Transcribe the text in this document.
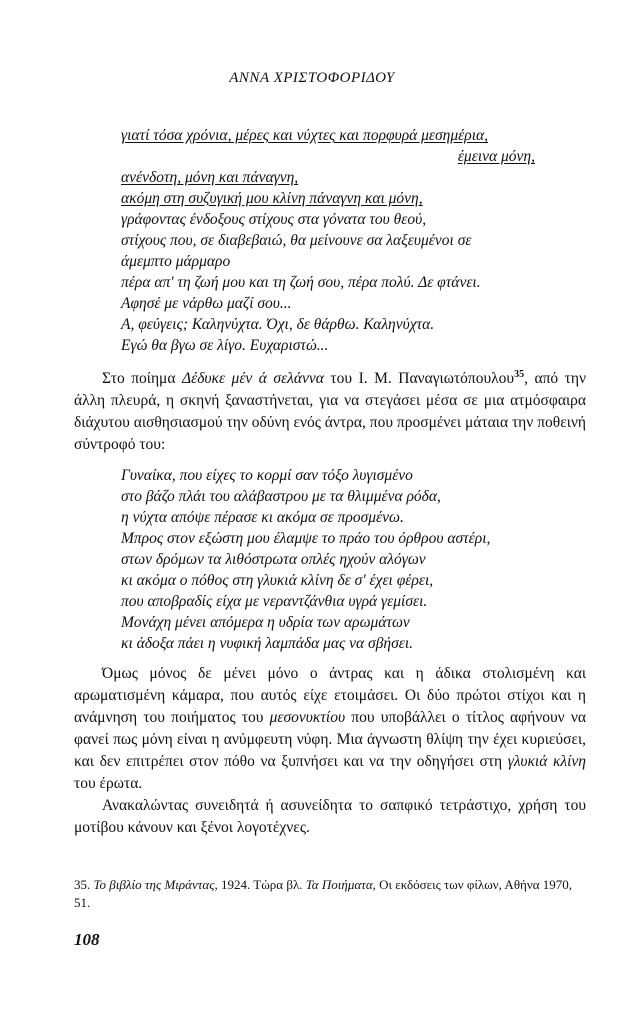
ΑΝΝΑ ΧΡΙΣΤΟΦΟΡΙΔΟΥ
γιατί τόσα χρόνια, μέρες και νύχτες και πορφυρά μεσημέρια,
έμεινα μόνη,
ανένδοτη, μόνη και πάναγνη,
ακόμη στη συζυγική μου κλίνη πάναγνη και μόνη,
γράφοντας ένδοξους στίχους στα γόνατα του θεού,
στίχους που, σε διαβεβαιώ, θα μείνουνε σα λαξευμένοι σε
άμεμπτο μάρμαρο
πέρα απ' τη ζωή μου και τη ζωή σου, πέρα πολύ. Δε φτάνει.
Αφησέ με νάρθω μαζί σου...
Α, φεύγεις; Καληνύχτα. Όχι, δε θάρθω. Καληνύχτα.
Εγώ θα βγω σε λίγο. Ευχαριστώ...

Στο ποίημα Δέδυκε μέν ά σελάννα του Ι. Μ. Παναγιωτόπουλου$^{35}$, από την άλλη πλευρά, η σκηνή ξαναστήνεται, για να στεγάσει μέσα σε μια ατμόσφαιρα διάχυτου αισθησιασμού την οδύνη ενός άντρα, που προσμένει μάταια την ποθεινή σύντροφό του:

Γυναίκα, που είχες το κορμί σαν τόξο λυγισμένο
στο βάζο πλάι του αλάβαστρου με τα θλιμμένα ρόδα,
η νύχτα απόψε πέρασε κι ακόμα σε προσμένω.
Μπρος στον εξώστη μου έλαμψε το πράο του όρθρου αστέρι,
στων δρόμων τα λιθόστρωτα οπλές ηχούν αλόγων
κι ακόμα ο πόθος στη γλυκιά κλίνη δε σ' έχει φέρει,
που αποβραδίς είχα με νεραντζάνθια υγρά γεμίσει.
Μονάχη μένει απόμερα η υδρία των αρωμάτων
κι άδοξα πάει η νυφική λαμπάδα μας να σβήσει.

Όμως μόνος δε μένει μόνο ο άντρας και η άδικα στολισμένη και αρωματισμένη κάμαρα, που αυτός είχε ετοιμάσει. Οι δύο πρώτοι στίχοι και η ανάμνηση του ποιήματος του μεσονυκτίου που υποβάλλει ο τίτλος αφήνουν να φανεί πως μόνη είναι η ανύμφευτη νύφη. Μια άγνωστη θλίψη την έχει κυριεύσει, και δεν επιτρέπει στον πόθο να ξυπνήσει και να την οδηγήσει στη γλυκιά κλίνη του έρωτα.

Ανακαλώντας συνειδητά ή ασυνείδητα το σαπφικό τετράστιχο, χρήση του μοτίβου κάνουν και ξένοι λογοτέχνες.

35. Το βιβλίο της Μιράντας, 1924. Τώρα βλ. Τα Ποιήματα, Οι εκδόσεις των φίλων, Αθήνα 1970, 51.
108
